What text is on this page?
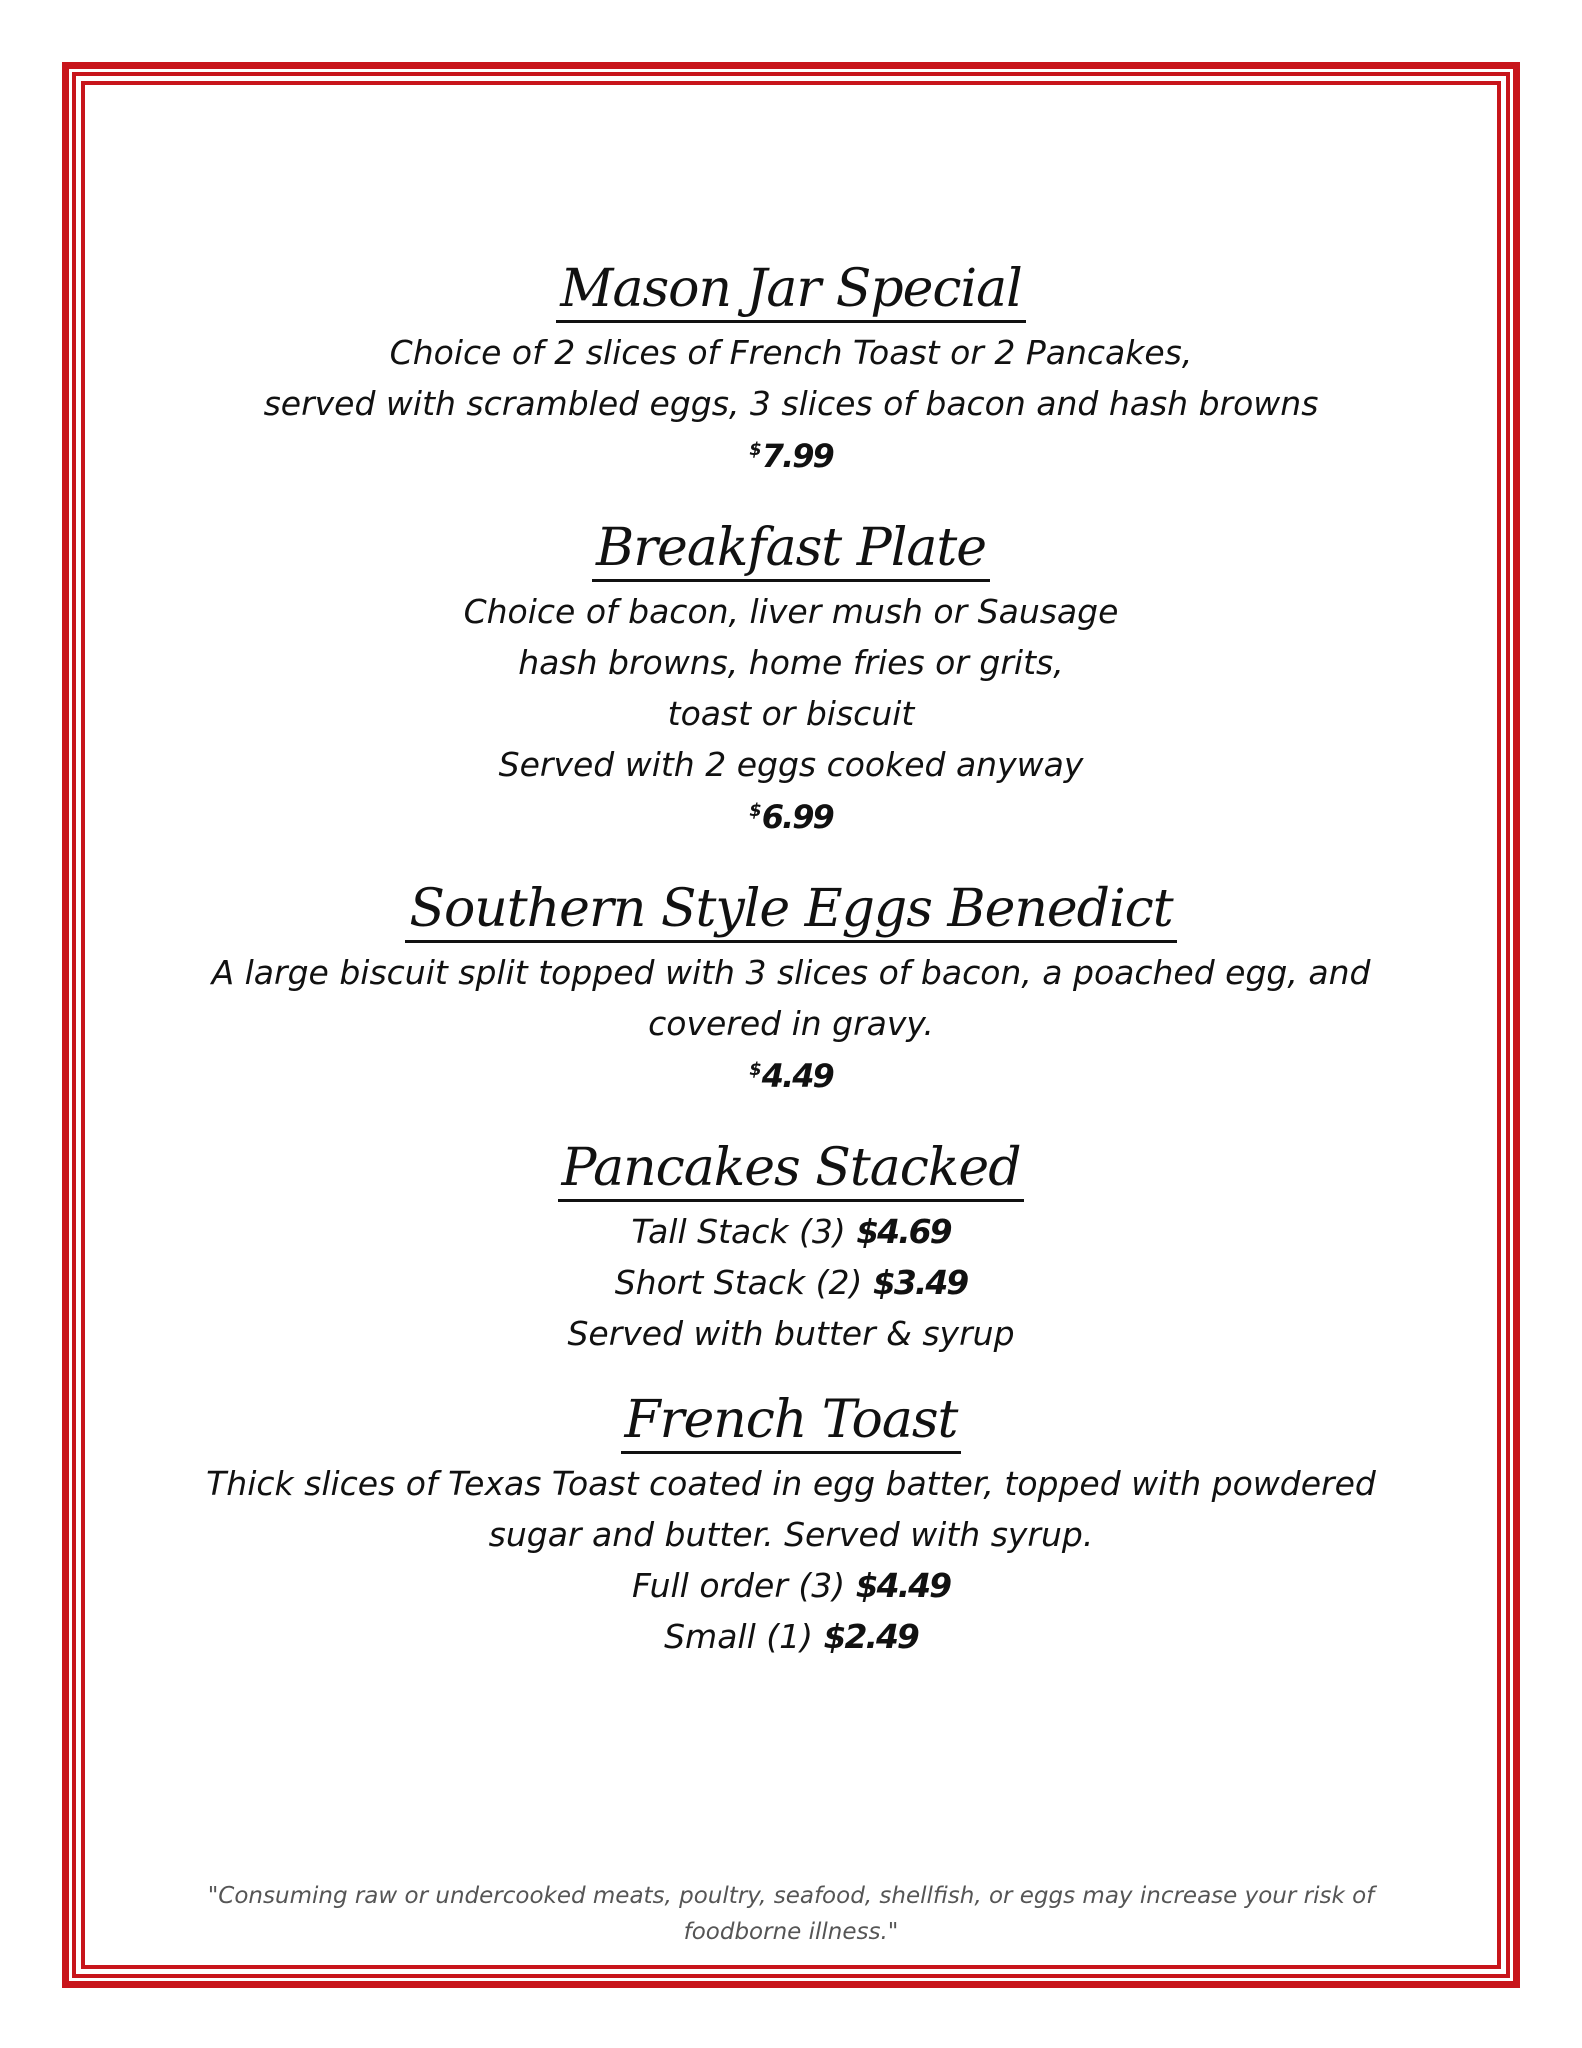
Mason Jar Special
Choice of 2 slices of French Toast or 2 Pancakes,
served with scrambled eggs, 3 slices of bacon and hash browns
$7.99
Breakfast Plate
Choice of bacon, liver mush or Sausage
hash browns, home fries or grits,
toast or biscuit
Served with 2 eggs cooked anyway
$6.99
Southern Style Eggs Benedict
A large biscuit split topped with 3 slices of bacon, a poached egg, and
covered in gravy.
$4.49
Pancakes Stacked
Tall Stack (3) $4.69
Short Stack (2) $3.49
Served with butter & syrup
French Toast
Thick slices of Texas Toast coated in egg batter, topped with powdered
sugar and butter. Served with syrup.
Full order (3) $4.49
Small (1) $2.49
"Consuming raw or undercooked meats, poultry, seafood, shellfish, or eggs may increase your risk of
foodborne illness."
